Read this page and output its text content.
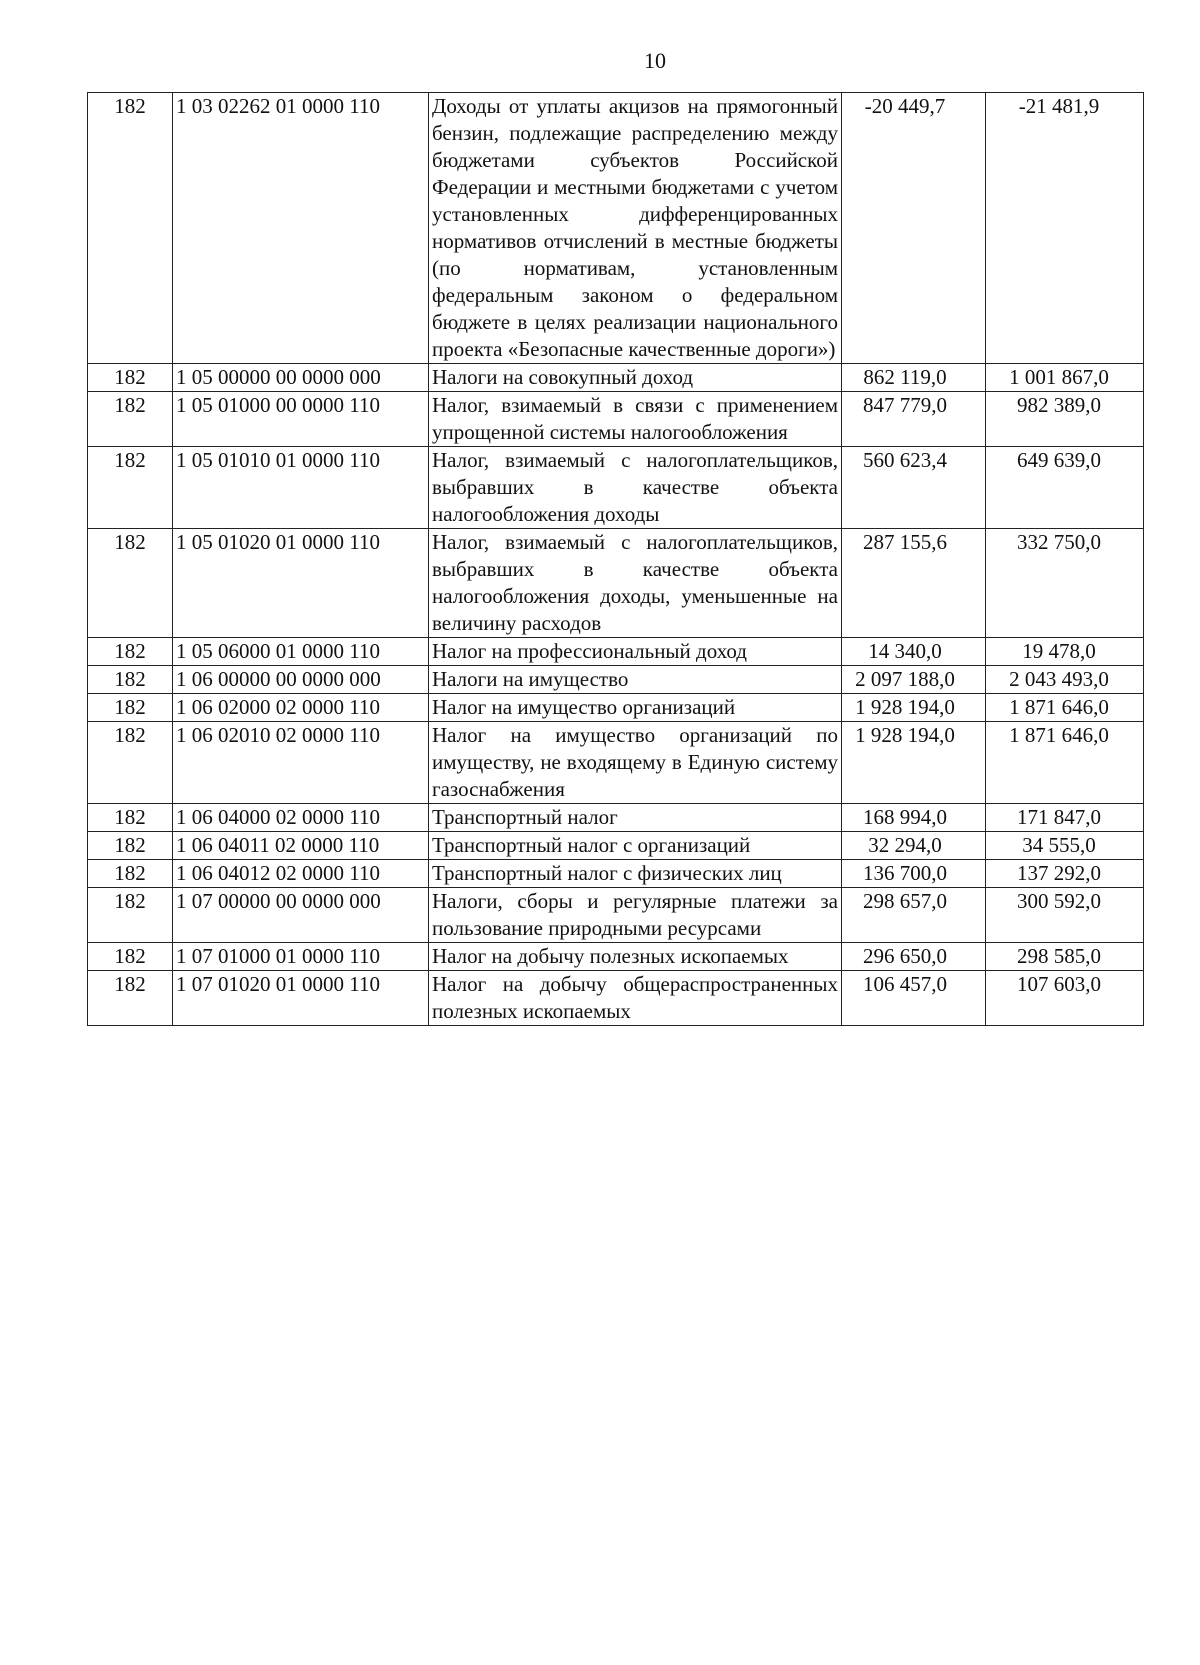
10
182	1 03 02262 01 0000 110	Доходы от уплаты акцизов на прямогонный бензин, подлежащие распределению между бюджетами субъектов Российской Федерации и местными бюджетами с учетом установленных дифференцированных нормативов отчислений в местные бюджеты (по нормативам, установленным федеральным законом о федеральном бюджете в целях реализации национального проекта «Безопасные качественные дороги»)	-20 449,7	-21 481,9
182	1 05 00000 00 0000 000	Налоги на совокупный доход	862 119,0	1 001 867,0
182	1 05 01000 00 0000 110	Налог, взимаемый в связи с применением упрощенной системы налогообложения	847 779,0	982 389,0
182	1 05 01010 01 0000 110	Налог, взимаемый с налогоплательщиков, выбравших в качестве объекта налогообложения доходы	560 623,4	649 639,0
182	1 05 01020 01 0000 110	Налог, взимаемый с налогоплательщиков, выбравших в качестве объекта налогообложения доходы, уменьшенные на величину расходов	287 155,6	332 750,0
182	1 05 06000 01 0000 110	Налог на профессиональный доход	14 340,0	19 478,0
182	1 06 00000 00 0000 000	Налоги на имущество	2 097 188,0	2 043 493,0
182	1 06 02000 02 0000 110	Налог на имущество организаций	1 928 194,0	1 871 646,0
182	1 06 02010 02 0000 110	Налог на имущество организаций по имуществу, не входящему в Единую систему газоснабжения	1 928 194,0	1 871 646,0
182	1 06 04000 02 0000 110	Транспортный налог	168 994,0	171 847,0
182	1 06 04011 02 0000 110	Транспортный налог с организаций	32 294,0	34 555,0
182	1 06 04012 02 0000 110	Транспортный налог с физических лиц	136 700,0	137 292,0
182	1 07 00000 00 0000 000	Налоги, сборы и регулярные платежи за пользование природными ресурсами	298 657,0	300 592,0
182	1 07 01000 01 0000 110	Налог на добычу полезных ископаемых	296 650,0	298 585,0
182	1 07 01020 01 0000 110	Налог на добычу общераспространенных полезных ископаемых	106 457,0	107 603,0
